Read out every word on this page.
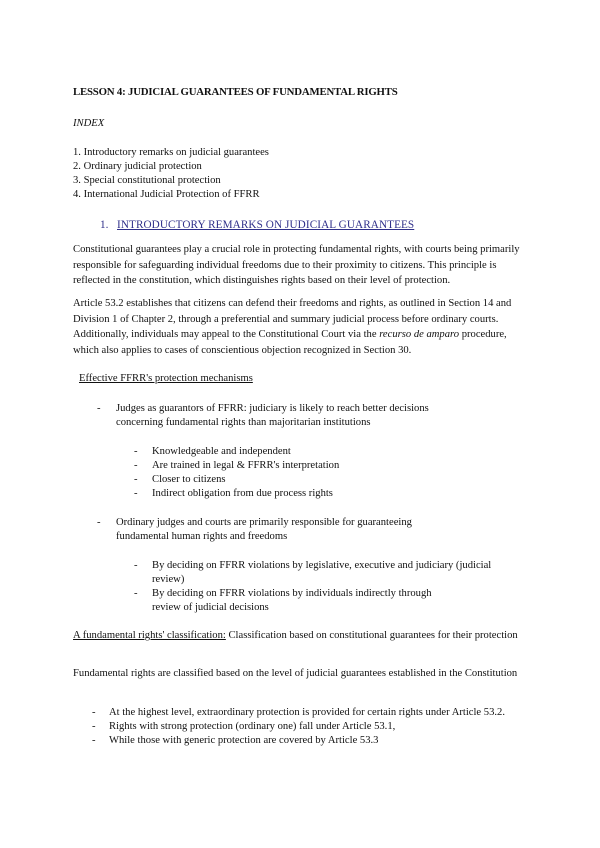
LESSON 4: JUDICIAL GUARANTEES OF FUNDAMENTAL RIGHTS
INDEX
1. Introductory remarks on judicial guarantees
2. Ordinary judicial protection
3. Special constitutional protection
4. International Judicial Protection of FFRR
1. INTRODUCTORY REMARKS ON JUDICIAL GUARANTEES
Constitutional guarantees play a crucial role in protecting fundamental rights, with courts being primarily responsible for safeguarding individual freedoms due to their proximity to citizens. This principle is reflected in the constitution, which distinguishes rights based on their level of protection.
Article 53.2 establishes that citizens can defend their freedoms and rights, as outlined in Section 14 and Division 1 of Chapter 2, through a preferential and summary judicial process before ordinary courts. Additionally, individuals may appeal to the Constitutional Court via the recurso de amparo procedure, which also applies to cases of conscientious objection recognized in Section 30.
Effective FFRR's protection mechanisms
- Judges as guarantors of FFRR: judiciary is likely to reach better decisions
concerning fundamental rights than majoritarian institutions
- Knowledgeable and independent
- Are trained in legal & FFRR's interpretation
- Closer to citizens
- Indirect obligation from due process rights
- Ordinary judges and courts are primarily responsible for guaranteeing
fundamental human rights and freedoms
- By deciding on FFRR violations by legislative, executive and judiciary (judicial
review)
- By deciding on FFRR violations by individuals indirectly through
review of judicial decisions
A fundamental rights' classification: Classification based on constitutional guarantees for their protection
Fundamental rights are classified based on the level of judicial guarantees established in the Constitution
- At the highest level, extraordinary protection is provided for certain rights under Article 53.2.
- Rights with strong protection (ordinary one) fall under Article 53.1,
- While those with generic protection are covered by Article 53.3
